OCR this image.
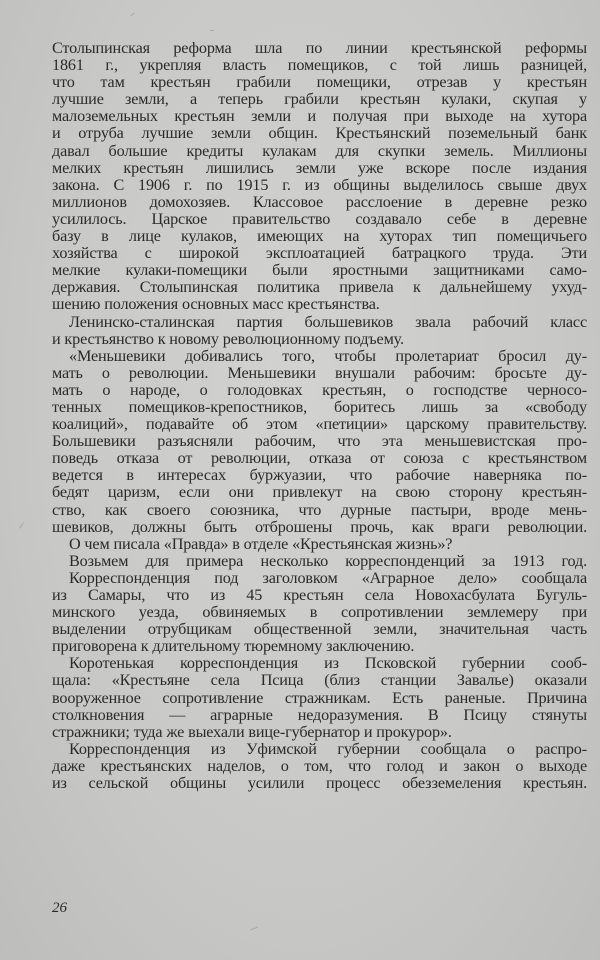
Столыпинская реформа шла по линии крестьянской реформы
1861 г., укрепляя власть помещиков, с той лишь разницей,
что там крестьян грабили помещики, отрезав у крестьян
лучшие земли, а теперь грабили крестьян кулаки, скупая у
малоземельных крестьян земли и получая при выходе на хутора
и отруба лучшие земли общин. Крестьянский поземельный банк
давал большие кредиты кулакам для скупки земель. Миллионы
мелких крестьян лишились земли уже вскоре после издания
закона. С 1906 г. по 1915 г. из общины выделилось свыше двух
миллионов домохозяев. Классовое расслоение в деревне резко
усилилось. Царское правительство создавало себе в деревне
базу в лице кулаков, имеющих на хуторах тип помещичьего
хозяйства с широкой эксплоатацией батрацкого труда. Эти
мелкие кулаки-помещики были яростными защитниками само-
державия. Столыпинская политика привела к дальнейшему ухуд-
шению положения основных масс крестьянства.
Ленинско-сталинская партия большевиков звала рабочий класс
и крестьянство к новому революционному подъему.
«Меньшевики добивались того, чтобы пролетариат бросил ду-
мать о революции. Меньшевики внушали рабочим: бросьте ду-
мать о народе, о голодовках крестьян, о господстве черносо-
тенных помещиков-крепостников, боритесь лишь за «свободу
коалиций», подавайте об этом «петиции» царскому правительству.
Большевики разъясняли рабочим, что эта меньшевистская про-
поведь отказа от революции, отказа от союза с крестьянством
ведется в интересах буржуазии, что рабочие наверняка по-
бедят царизм, если они привлекут на свою сторону крестьян-
ство, как своего союзника, что дурные пастыри, вроде мень-
шевиков, должны быть отброшены прочь, как враги революции.
О чем писала «Правда» в отделе «Крестьянская жизнь»?
Возьмем для примера несколько корреспонденций за 1913 год.
Корреспонденция под заголовком «Аграрное дело» сообщала
из Самары, что из 45 крестьян села Новохасбулата Бугуль-
минского уезда, обвиняемых в сопротивлении землемеру при
выделении отрубщикам общественной земли, значительная часть
приговорена к длительному тюремному заключению.
Коротенькая корреспонденция из Псковской губернии сооб-
щала: «Крестьяне села Псица (близ станции Завалье) оказали
вооруженное сопротивление стражникам. Есть раненые. Причина
столкновения — аграрные недоразумения. В Псицу стянуты
стражники; туда же выехали вице-губернатор и прокурор».
Корреспонденция из Уфимской губернии сообщала о распро-
даже крестьянских наделов, о том, что голод и закон о выходе
из сельской общины усилили процесс обезземеления крестьян.
26
